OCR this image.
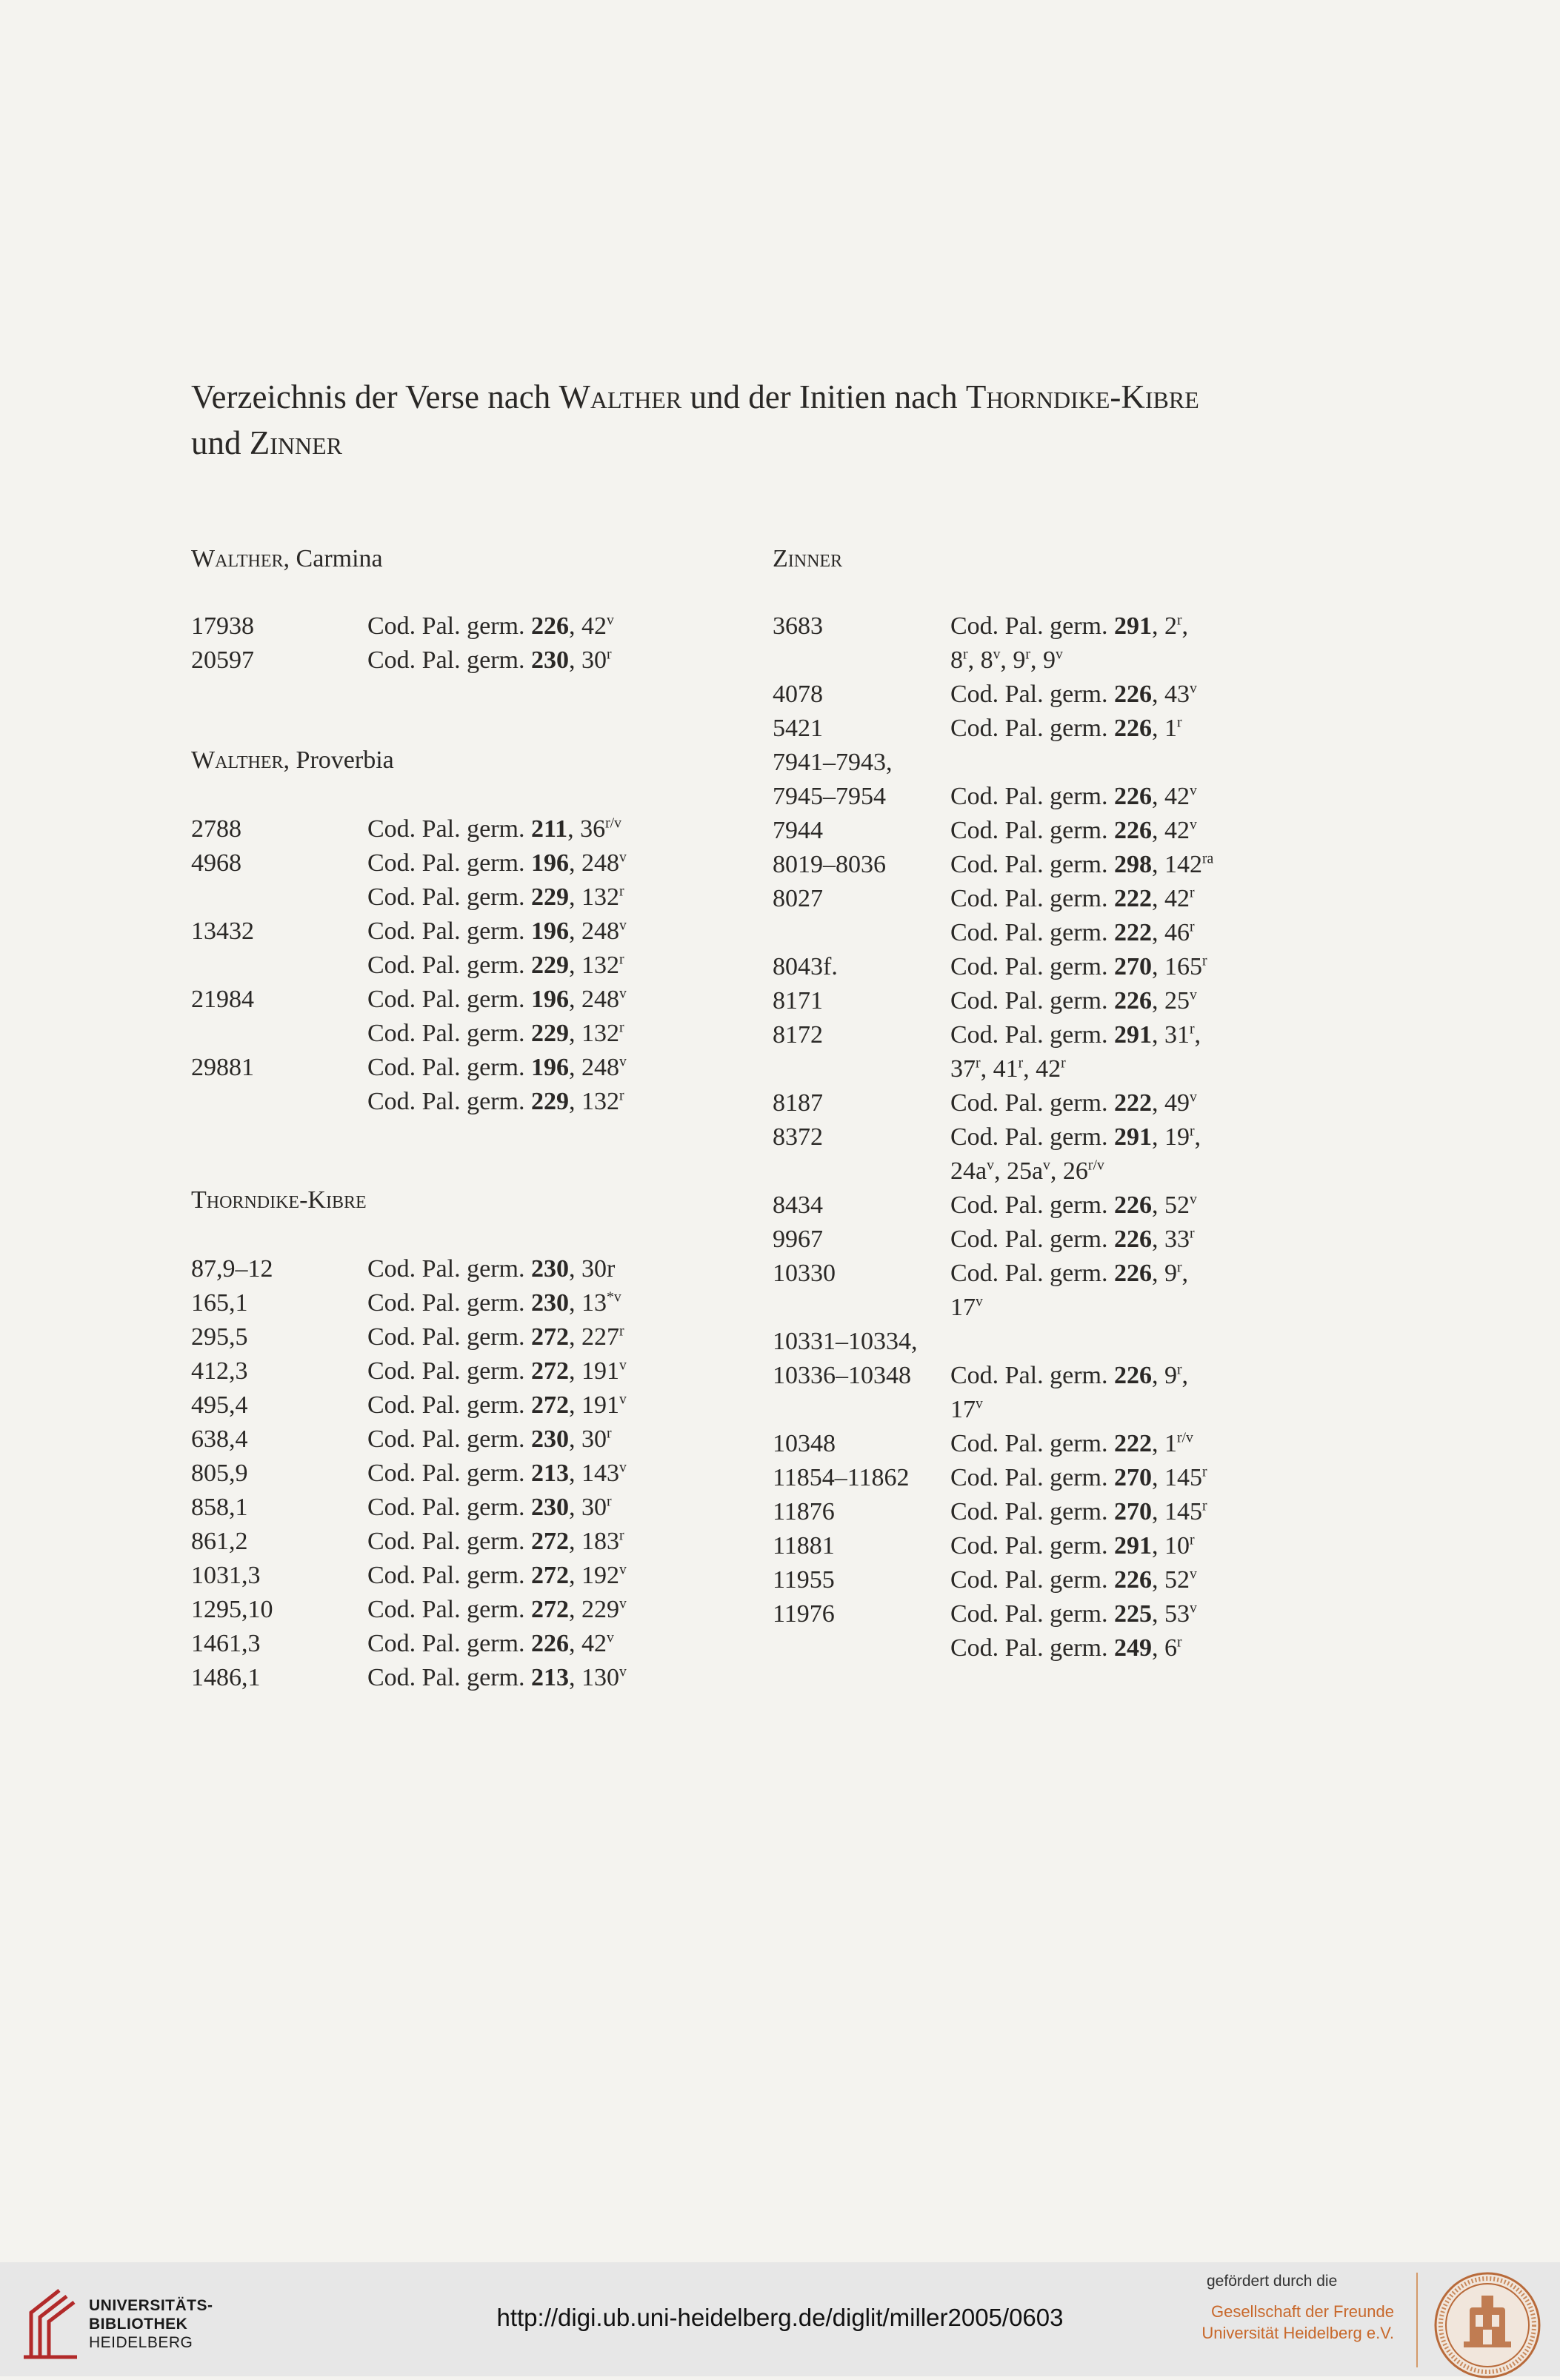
Verzeichnis der Verse nach Walther und der Initien nach Thorndike-Kibre und Zinner
Walther, Carmina
17938	Cod. Pal. germ. 226, 42$^v$
20597	Cod. Pal. germ. 230, 30$^r$
Walther, Proverbia
2788	Cod. Pal. germ. 211, $36^{r/v}$
4968	Cod. Pal. germ. 196, 248$^v$
Cod. Pal. germ. 229, 132$^r$
13432	Cod. Pal. germ. 196, 248$^v$
Cod. Pal. germ. 229, 132$^r$
21984	Cod. Pal. germ. 196, 248$^v$
Cod. Pal. germ. 229, 132$^r$
29881	Cod. Pal. germ. 196, 248$^v$
Cod. Pal. germ. 229, 132$^r$
Thorndike-Kibre
87,9–12	Cod. Pal. germ. 230, 30r
165,1	Cod. Pal. germ. 230, 13$^{*v}$
295,5	Cod. Pal. germ. 272, 227$^r$
412,3	Cod. Pal. germ. 272, 191$^v$
495,4	Cod. Pal. germ. 272, 191$^v$
638,4	Cod. Pal. germ. 230, 30$^r$
805,9	Cod. Pal. germ. 213, 143$^v$
858,1	Cod. Pal. germ. 230, 30$^r$
861,2	Cod. Pal. germ. 272, 183$^r$
1031,3	Cod. Pal. germ. 272, 192$^v$
1295,10	Cod. Pal. germ. 272, 229$^v$
1461,3	Cod. Pal. germ. 226, 42$^v$
1486,1	Cod. Pal. germ. 213, 130$^v$
Zinner
3683	Cod. Pal. germ. 291, 2$^r$,
8$^r$, 8$^v$, 9$^r$, 9$^v$
4078	Cod. Pal. germ. 226, 43$^v$
5421	Cod. Pal. germ. 226, 1$^r$
7941–7943,
7945–7954	Cod. Pal. germ. 226, 42$^v$
7944	Cod. Pal. germ. 226, 42$^v$
8019–8036	Cod. Pal. germ. 298, $142^{ra}$
8027	Cod. Pal. germ. 222, 42$^r$
Cod. Pal. germ. 222, 46$^r$
8043f.	Cod. Pal. germ. 270, 165$^r$
8171	Cod. Pal. germ. 226, 25$^v$
8172	Cod. Pal. germ. 291, 31$^r$,
37$^r$, 41$^r$, 42$^r$
8187	Cod. Pal. germ. 222, 49$^v$
8372	Cod. Pal. germ. 291, 19$^r$,
$24a^v$, $25a^v$, $26^{r/v}$
8434	Cod. Pal. germ. 226, 52$^v$
9967	Cod. Pal. germ. 226, 33$^r$
10330	Cod. Pal. germ. 226, 9$^r$,
17$^v$
10331–10334,
10336–10348	Cod. Pal. germ. 226, 9$^r$,
17$^v$
10348	Cod. Pal. germ. 222, $1^{r/v}$
11854–11862	Cod. Pal. germ. 270, 145$^r$
11876	Cod. Pal. germ. 270, 145$^r$
11881	Cod. Pal. germ. 291, 10$^r$
11955	Cod. Pal. germ. 226, 52$^v$
11976	Cod. Pal. germ. 225, 53$^v$
Cod. Pal. germ. 249, 6$^r$
UNIVERSITÄTS-
BIBLIOTHEK
HEIDELBERG
http://digi.ub.uni-heidelberg.de/diglit/miller2005/0603
gefördert durch die
Gesellschaft der Freunde
Universität Heidelberg e.V.
